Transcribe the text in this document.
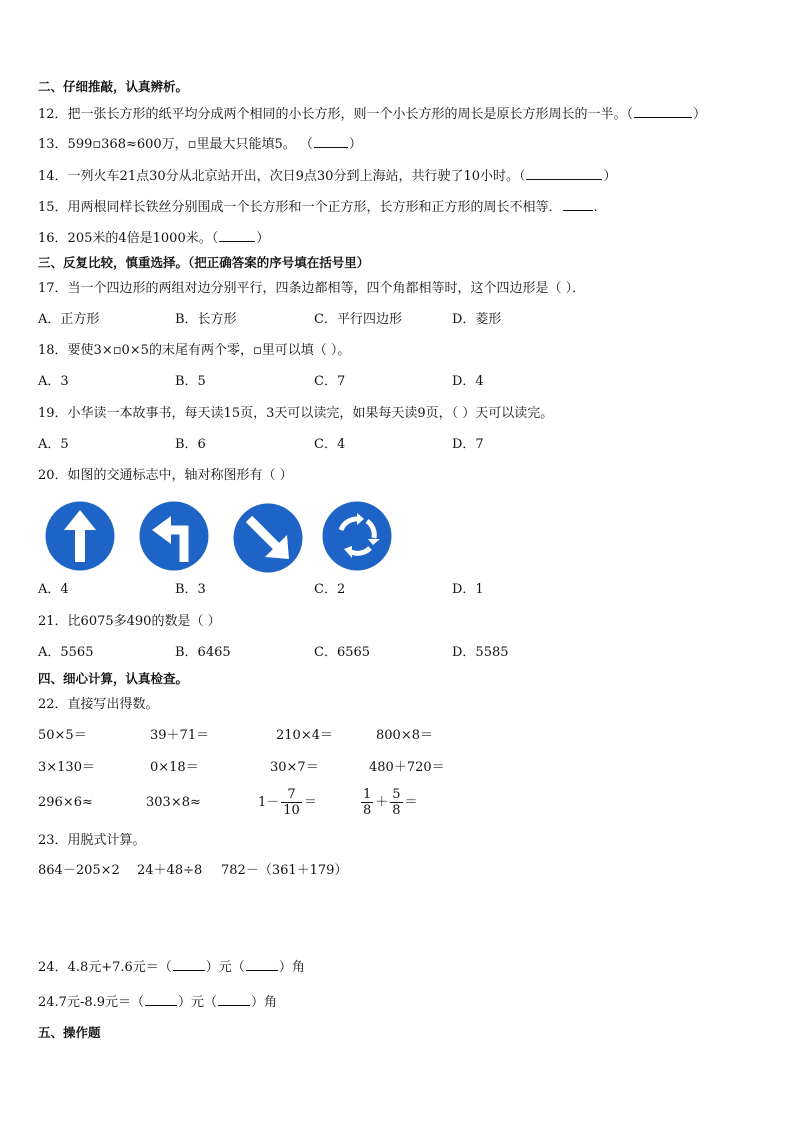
二、仔细推敲，认真辨析。
12．把一张长方形的纸平均分成两个相同的小长方形，则一个小长方形的周长是原长方形周长的一半。（	）
13．599▫368≈600万，▫里最大只能填5。 （	）
14．一列火车21点30分从北京站开出，次日9点30分到上海站，共行驶了10小时。（	）
15．用两根同样长铁丝分别围成一个长方形和一个正方形，长方形和正方形的周长不相等． .
16．205米的4倍是1000米。（	）
三、反复比较，慎重选择。（把正确答案的序号填在括号里）
17．当一个四边形的两组对边分别平行，四条边都相等，四个角都相等时，这个四边形是（ ）．
A．正方形	B．长方形	C．平行四边形	D．菱形
18．要使3×▫0×5的末尾有两个零，▫里可以填（ ）。
A．3	B．5	C．7	D．4
19．小华读一本故事书，每天读15页，3天可以读完，如果每天读9页，（ ）天可以读完。
A．5	B．6	C．4	D．7
20．如图的交通标志中，轴对称图形有（ ）
A．4	B．3	C．2	D．1
21．比6075多490的数是（ ）
A．5565	B．6465	C．6565	D．5585
四、细心计算，认真检查。
22．直接写出得数。
50×5＝	39＋71＝	210×4＝	800×8＝
3×130＝	0×18＝	30×7＝	480＋720＝
296×6≈	303×8≈	$1- \frac{7}{10}$ ＝	$\frac{1}{8} + \frac{5}{8}$ ＝
23．用脱式计算。
864－205×2 24＋48÷8 782－（361＋179）
24．4.8元+7.6元＝（	）元（	）角
24.7元-8.9元＝（	）元（	）角
五、操作题
